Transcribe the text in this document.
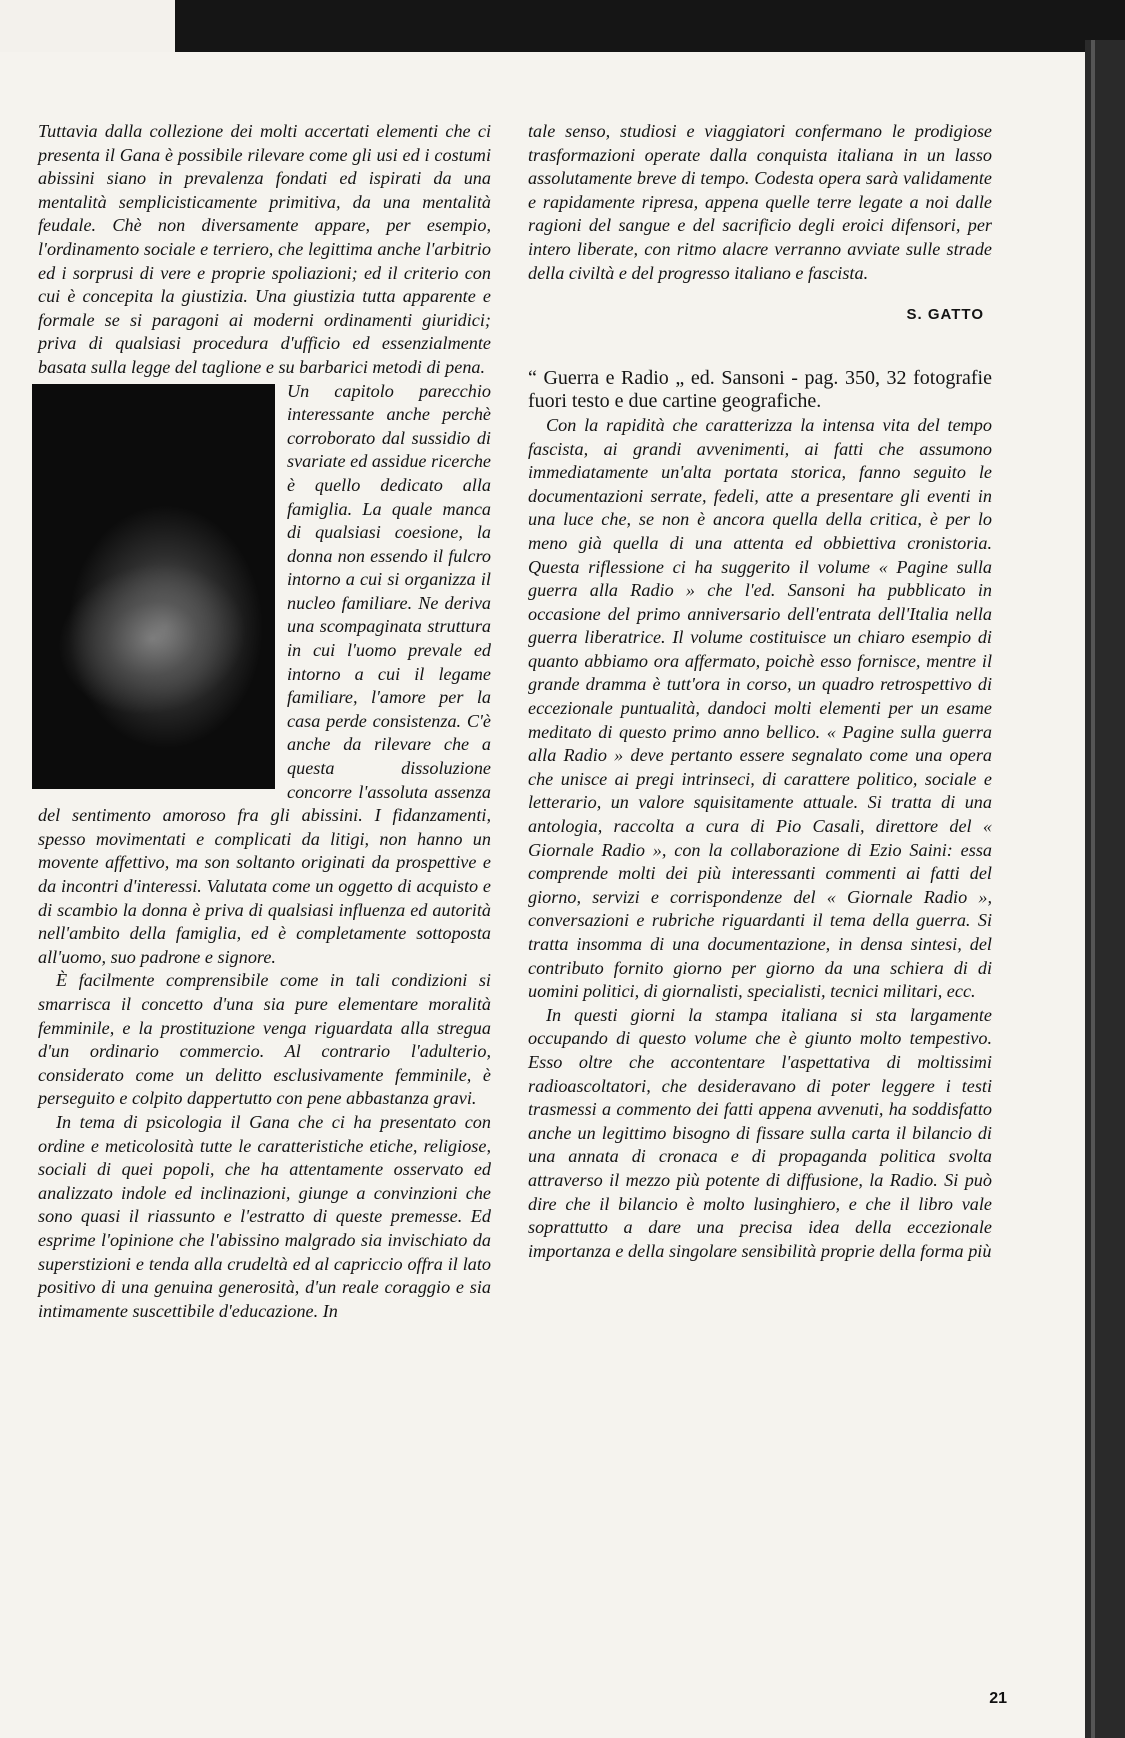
Tuttavia dalla collezione dei molti accertati elementi che ci presenta il Gana è possibile rilevare come gli usi ed i costumi abissini siano in prevalenza fondati ed ispirati da una mentalità semplicisticamente primitiva, da una mentalità feudale. Chè non diversamente appare, per esempio, l'ordinamento sociale e terriero, che legittima anche l'arbitrio ed i sorprusi di vere e proprie spoliazioni; ed il criterio con cui è concepita la giustizia. Una giustizia tutta apparente e formale se si paragoni ai moderni ordinamenti giuridici; priva di qualsiasi procedura d'ufficio ed essenzialmente basata sulla legge del taglione e su barbarici metodi di pena.

Un capitolo parecchio interessante anche perchè corroborato dal sussidio di svariate ed assidue ricerche è quello dedicato alla famiglia. La quale manca di qualsiasi coesione, la donna non essendo il fulcro intorno a cui si organizza il nucleo familiare. Ne deriva una scompaginata struttura in cui l'uomo prevale ed intorno a cui il legame familiare, l'amore per la casa perde consistenza. C'è anche da rilevare che a questa dissoluzione concorre l'assoluta assenza del sentimento amoroso fra gli abissini. I fidanzamenti, spesso movimentati e complicati da litigi, non hanno un movente affettivo, ma son soltanto originati da prospettive e da incontri d'interessi. Valutata come un oggetto di acquisto e di scambio la donna è priva di qualsiasi influenza ed autorità nell'ambito della famiglia, ed è completamente sottoposta all'uomo, suo padrone e signore.

È facilmente comprensibile come in tali condizioni si smarrisca il concetto d'una sia pure elementare moralità femminile, e la prostituzione venga riguardata alla stregua d'un ordinario commercio. Al contrario l'adulterio, considerato come un delitto esclusivamente femminile, è perseguito e colpito dappertutto con pene abbastanza gravi.

In tema di psicologia il Gana che ci ha presentato con ordine e meticolosità tutte le caratteristiche etiche, religiose, sociali di quei popoli, che ha attentamente osservato ed analizzato indole ed inclinazioni, giunge a convinzioni che sono quasi il riassunto e l'estratto di queste premesse. Ed esprime l'opinione che l'abissino malgrado sia invischiato da superstizioni e tenda alla crudeltà ed al capriccio offra il lato positivo di una genuina generosità, d'un reale coraggio e sia intimamente suscettibile d'educazione. In

tale senso, studiosi e viaggiatori confermano le prodigiose trasformazioni operate dalla conquista italiana in un lasso assolutamente breve di tempo. Codesta opera sarà validamente e rapidamente ripresa, appena quelle terre legate a noi dalle ragioni del sangue e del sacrificio degli eroici difensori, per intero liberate, con ritmo alacre verranno avviate sulle strade della civiltà e del progresso italiano e fascista.

S. GATTO
“ Guerra e Radio „ ed. Sansoni - pag. 350, 32 fotografie fuori testo e due cartine geografiche.

Con la rapidità che caratterizza la intensa vita del tempo fascista, ai grandi avvenimenti, ai fatti che assumono immediatamente un'alta portata storica, fanno seguito le documentazioni serrate, fedeli, atte a presentare gli eventi in una luce che, se non è ancora quella della critica, è per lo meno già quella di una attenta ed obbiettiva cronistoria. Questa riflessione ci ha suggerito il volume « Pagine sulla guerra alla Radio » che l'ed. Sansoni ha pubblicato in occasione del primo anniversario dell'entrata dell'Italia nella guerra liberatrice. Il volume costituisce un chiaro esempio di quanto abbiamo ora affermato, poichè esso fornisce, mentre il grande dramma è tutt'ora in corso, un quadro retrospettivo di eccezionale puntualità, dandoci molti elementi per un esame meditato di questo primo anno bellico. « Pagine sulla guerra alla Radio » deve pertanto essere segnalato come una opera che unisce ai pregi intrinseci, di carattere politico, sociale e letterario, un valore squisitamente attuale. Si tratta di una antologia, raccolta a cura di Pio Casali, direttore del « Giornale Radio », con la collaborazione di Ezio Saini: essa comprende molti dei più interessanti commenti ai fatti del giorno, servizi e corrispondenze del « Giornale Radio », conversazioni e rubriche riguardanti il tema della guerra. Si tratta insomma di una documentazione, in densa sintesi, del contributo fornito giorno per giorno da una schiera di di uomini politici, di giornalisti, specialisti, tecnici militari, ecc.

In questi giorni la stampa italiana si sta largamente occupando di questo volume che è giunto molto tempestivo. Esso oltre che accontentare l'aspettativa di moltissimi radioascoltatori, che desideravano di poter leggere i testi trasmessi a commento dei fatti appena avvenuti, ha soddisfatto anche un legittimo bisogno di fissare sulla carta il bilancio di una annata di cronaca e di propaganda politica svolta attraverso il mezzo più potente di diffusione, la Radio. Si può dire che il bilancio è molto lusinghiero, e che il libro vale soprattutto a dare una precisa idea della eccezionale importanza e della singolare sensibilità proprie della forma più

21
